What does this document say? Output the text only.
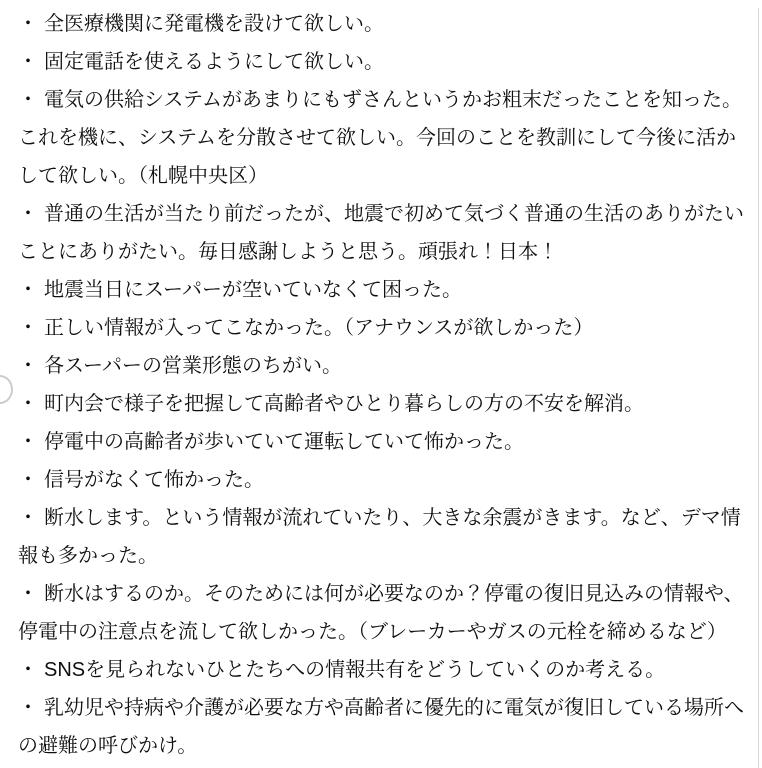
・ 全医療機関に発電機を設けて欲しい。

・ 固定電話を使えるようにして欲しい。

・ 電気の供給システムがあまりにもずさんというかお粗末だったことを知った。これを機に、システムを分散させて欲しい。今回のことを教訓にして今後に活かして欲しい。（札幌中央区）

・ 普通の生活が当たり前だったが、地震で初めて気づく普通の生活のありがたいことにありがたい。毎日感謝しようと思う。頑張れ！日本！

・ 地震当日にスーパーが空いていなくて困った。

・ 正しい情報が入ってこなかった。（アナウンスが欲しかった）

・ 各スーパーの営業形態のちがい。

・ 町内会で様子を把握して高齢者やひとり暮らしの方の不安を解消。

・ 停電中の高齢者が歩いていて運転していて怖かった。

・ 信号がなくて怖かった。

・ 断水します。という情報が流れていたり、大きな余震がきます。など、デマ情報も多かった。

・ 断水はするのか。そのためには何が必要なのか？停電の復旧見込みの情報や、停電中の注意点を流して欲しかった。（ブレーカーやガスの元栓を締めるなど）

・ SNSを見られないひとたちへの情報共有をどうしていくのか考える。

・ 乳幼児や持病や介護が必要な方や高齢者に優先的に電気が復旧している場所への避難の呼びかけ。
